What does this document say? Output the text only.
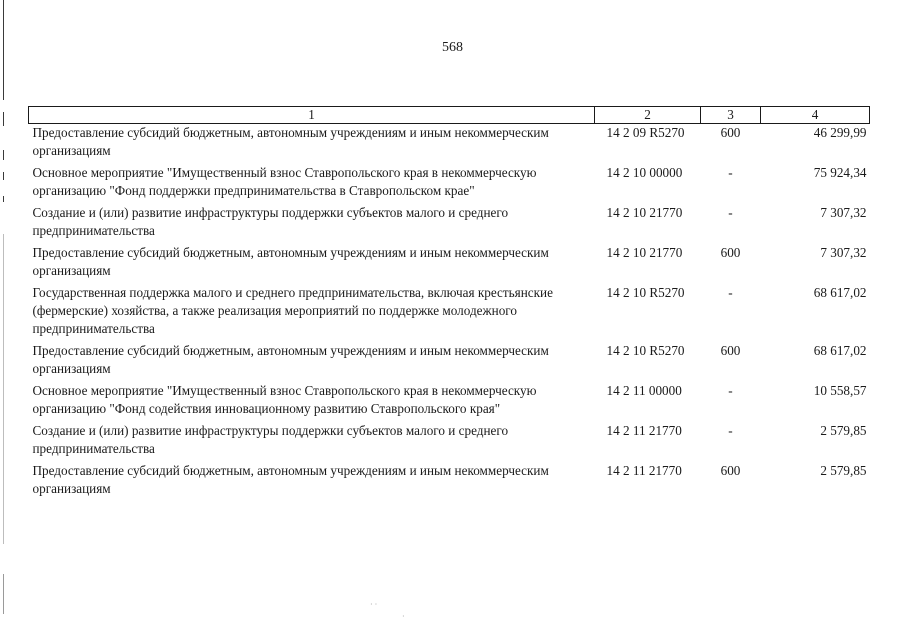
568
1	2	3	4
Предоставление субсидий бюджетным, автономным учреждениям и иным некоммерческим организациям	14 2 09 R5270	600	46 299,99
Основное мероприятие "Имущественный взнос Ставропольского края в некоммерческую организацию "Фонд поддержки предпринимательства в Ставропольском крае"	14 2 10 00000	-	75 924,34
Создание и (или) развитие инфраструктуры поддержки субъектов малого и среднего предпринимательства	14 2 10 21770	-	7 307,32
Предоставление субсидий бюджетным, автономным учреждениям и иным некоммерческим организациям	14 2 10 21770	600	7 307,32
Государственная поддержка малого и среднего предпринимательства, включая крестьянские (фермерские) хозяйства, а также реализация мероприятий по поддержке молодежного предпринимательства	14 2 10 R5270	-	68 617,02
Предоставление субсидий бюджетным, автономным учреждениям и иным некоммерческим организациям	14 2 10 R5270	600	68 617,02
Основное мероприятие "Имущественный взнос Ставропольского края в некоммерческую организацию "Фонд содействия инновационному развитию Ставропольского края"	14 2 11 00000	-	10 558,57
Создание и (или) развитие инфраструктуры поддержки субъектов малого и среднего предпринимательства	14 2 11 21770	-	2 579,85
Предоставление субсидий бюджетным, автономным учреждениям и иным некоммерческим организациям	14 2 11 21770	600	2 579,85
· ·
·
